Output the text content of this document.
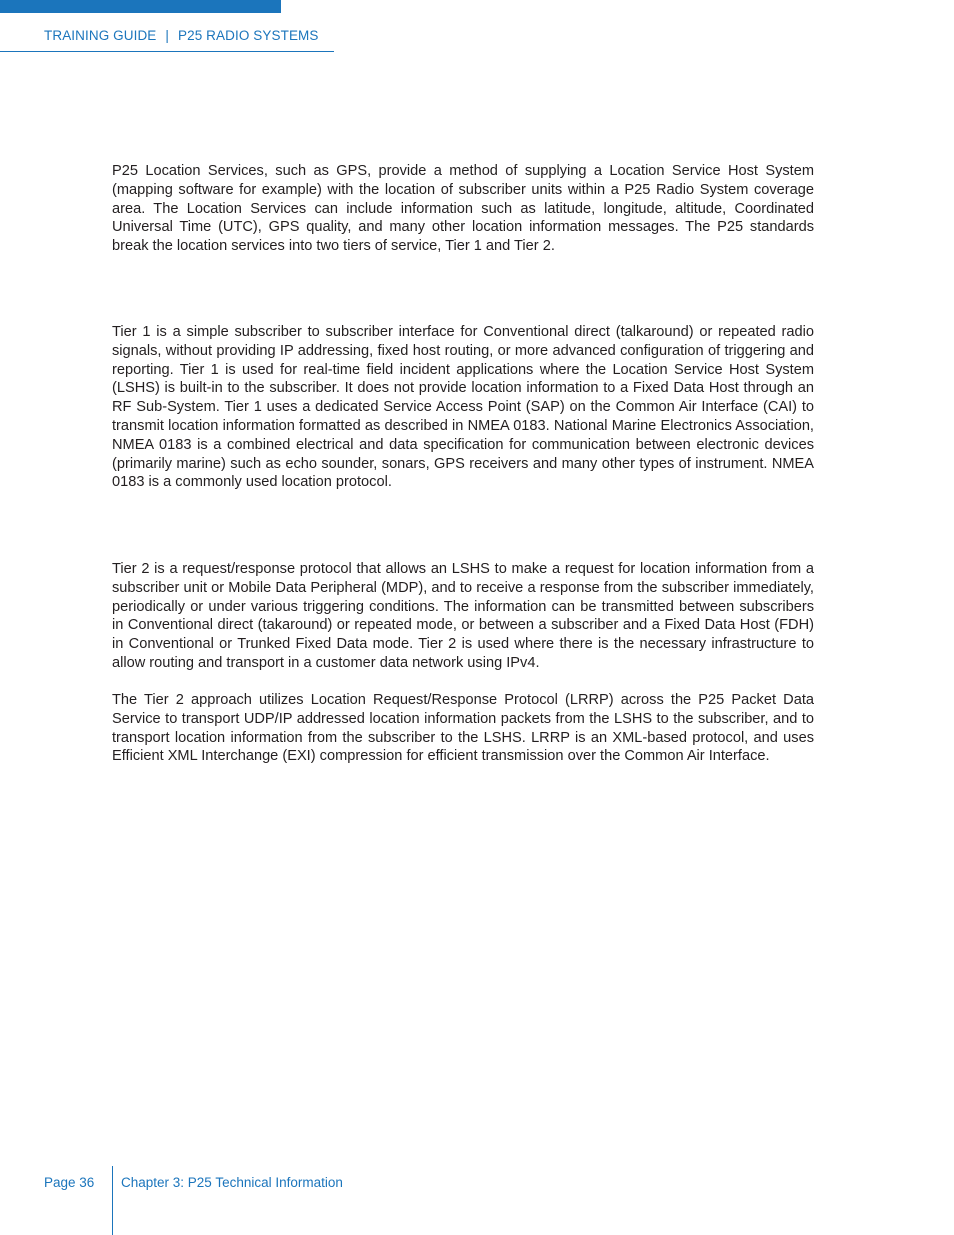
TRAINING GUIDE | P25 RADIO SYSTEMS

P25 Location Services, such as GPS, provide a method of supplying a Location Service Host System (mapping software for example) with the location of subscriber units within a P25 Radio System coverage area. The Location Services can include information such as latitude, longitude, altitude, Coordinated Universal Time (UTC), GPS quality, and many other location information messages. The P25 standards break the location services into two tiers of service, Tier 1 and Tier 2.

Tier 1 is a simple subscriber to subscriber interface for Conventional direct (talkaround) or repeated radio signals, without providing IP addressing, fixed host routing, or more advanced configuration of triggering and reporting. Tier 1 is used for real-time field incident applications where the Location Service Host System (LSHS) is built-in to the subscriber. It does not provide location information to a Fixed Data Host through an RF Sub-System. Tier 1 uses a dedicated Service Access Point (SAP) on the Common Air Interface (CAI) to transmit location information formatted as described in NMEA 0183. National Marine Electronics Association, NMEA 0183 is a combined electrical and data specification for communication between electronic devices (primarily marine) such as echo sounder, sonars, GPS receivers and many other types of instrument. NMEA 0183 is a commonly used location protocol.

Tier 2 is a request/response protocol that allows an LSHS to make a request for location information from a subscriber unit or Mobile Data Peripheral (MDP), and to receive a response from the subscriber immediately, periodically or under various triggering conditions. The information can be transmitted between subscribers in Conventional direct (takaround) or repeated mode, or between a subscriber and a Fixed Data Host (FDH) in Conventional or Trunked Fixed Data mode. Tier 2 is used where there is the necessary infrastructure to allow routing and transport in a customer data network using IPv4.

The Tier 2 approach utilizes Location Request/Response Protocol (LRRP) across the P25 Packet Data Service to transport UDP/IP addressed location information packets from the LSHS to the subscriber, and to transport location information from the subscriber to the LSHS. LRRP is an XML-based protocol, and uses Efficient XML Interchange (EXI) compression for efficient transmission over the Common Air Interface.

Page 36 Chapter 3: P25 Technical Information
